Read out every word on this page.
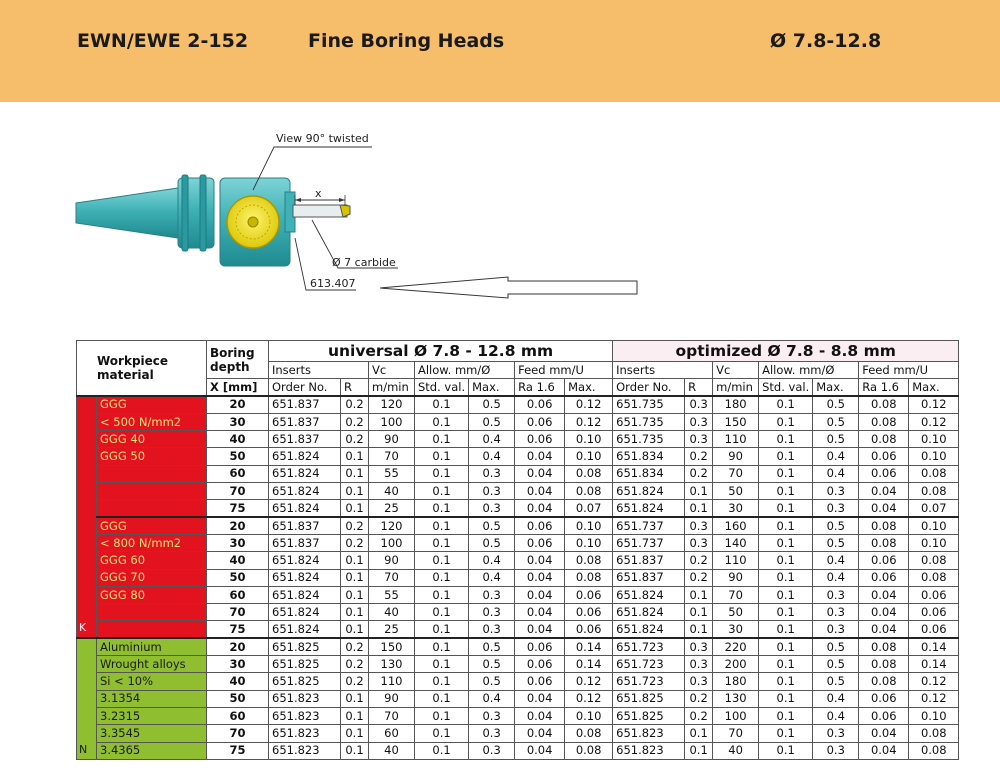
EWN/EWE 2-152	Fine Boring Heads	Ø 7.8-12.8
x
View 90° twisted
Ø 7 carbide
613.407
Workpiece
material		Boring
depth	universal Ø 7.8 - 12.8 mm							optimized Ø 7.8 - 8.8 mm						
			Inserts		Vc	Allow. mm/Ø		Feed mm/U		Inserts		Vc	Allow. mm/Ø		Feed mm/U	
		X [mm]	Order No.	R	m/min	Std. val.	Max.	Ra 1.6	Max.	Order No.	R	m/min	Std. val.	Max.	Ra 1.6	Max.
K	GGG	20	651.837	0.2	120	0.1	0.5	0.06	0.12	651.735	0.3	180	0.1	0.5	0.08	0.12
	< 500 N/mm2	30	651.837	0.2	100	0.1	0.5	0.06	0.12	651.735	0.3	150	0.1	0.5	0.08	0.12
	GGG 40	40	651.837	0.2	90	0.1	0.4	0.06	0.10	651.735	0.3	110	0.1	0.5	0.08	0.10
	GGG 50	50	651.824	0.1	70	0.1	0.4	0.04	0.10	651.834	0.2	90	0.1	0.4	0.06	0.10
		60	651.824	0.1	55	0.1	0.3	0.04	0.08	651.834	0.2	70	0.1	0.4	0.06	0.08
		70	651.824	0.1	40	0.1	0.3	0.04	0.08	651.824	0.1	50	0.1	0.3	0.04	0.08
		75	651.824	0.1	25	0.1	0.3	0.04	0.07	651.824	0.1	30	0.1	0.3	0.04	0.07
	GGG	20	651.837	0.2	120	0.1	0.5	0.06	0.10	651.737	0.3	160	0.1	0.5	0.08	0.10
	< 800 N/mm2	30	651.837	0.2	100	0.1	0.5	0.06	0.10	651.737	0.3	140	0.1	0.5	0.08	0.10
	GGG 60	40	651.824	0.1	90	0.1	0.4	0.04	0.08	651.837	0.2	110	0.1	0.4	0.06	0.08
	GGG 70	50	651.824	0.1	70	0.1	0.4	0.04	0.08	651.837	0.2	90	0.1	0.4	0.06	0.08
	GGG 80	60	651.824	0.1	55	0.1	0.3	0.04	0.06	651.824	0.1	70	0.1	0.3	0.04	0.06
		70	651.824	0.1	40	0.1	0.3	0.04	0.06	651.824	0.1	50	0.1	0.3	0.04	0.06
		75	651.824	0.1	25	0.1	0.3	0.04	0.06	651.824	0.1	30	0.1	0.3	0.04	0.06
N	Aluminium	20	651.825	0.2	150	0.1	0.5	0.06	0.14	651.723	0.3	220	0.1	0.5	0.08	0.14
	Wrought alloys	30	651.825	0.2	130	0.1	0.5	0.06	0.14	651.723	0.3	200	0.1	0.5	0.08	0.14
	Si < 10%	40	651.825	0.2	110	0.1	0.5	0.06	0.12	651.723	0.3	180	0.1	0.5	0.08	0.12
	3.1354	50	651.823	0.1	90	0.1	0.4	0.04	0.12	651.825	0.2	130	0.1	0.4	0.06	0.12
	3.2315	60	651.823	0.1	70	0.1	0.3	0.04	0.10	651.825	0.2	100	0.1	0.4	0.06	0.10
	3.3545	70	651.823	0.1	60	0.1	0.3	0.04	0.08	651.823	0.1	70	0.1	0.3	0.04	0.08
	3.4365	75	651.823	0.1	40	0.1	0.3	0.04	0.08	651.823	0.1	40	0.1	0.3	0.04	0.08
